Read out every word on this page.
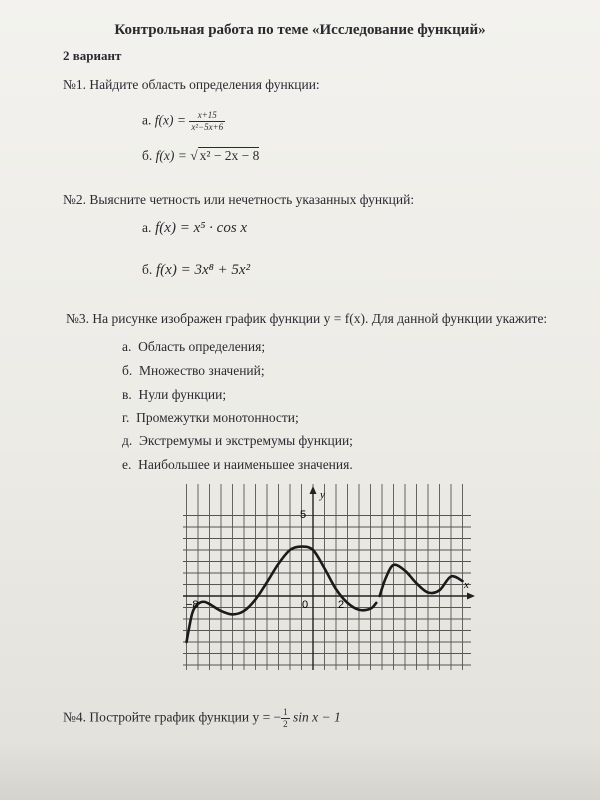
Контрольная работа по теме «Исследование функций»
2 вариант
№1. Найдите область определения функции:
а. $f(x) = \frac{x+15}{\text{x²−5x+6}}$
б. f(x) = √ x² − 2x − 8
№2. Выясните четность или нечетность указанных функций:
а. f(x) = x⁵ · cos x
б. f(x) = 3x⁸ + 5x²
№3. На рисунке изображен график функции y = f(x). Для данной функции укажите:
а. Область определения;
б. Множество значений;
в. Нули функции;
г. Промежутки монотонности;
д. Экстремумы и экстремумы функции;
е. Наибольшее и наименьшее значения.
y
x
5
−8	0	2
№4. Постройте график функции y = − $\frac{1}{2}$ sin x − 1
